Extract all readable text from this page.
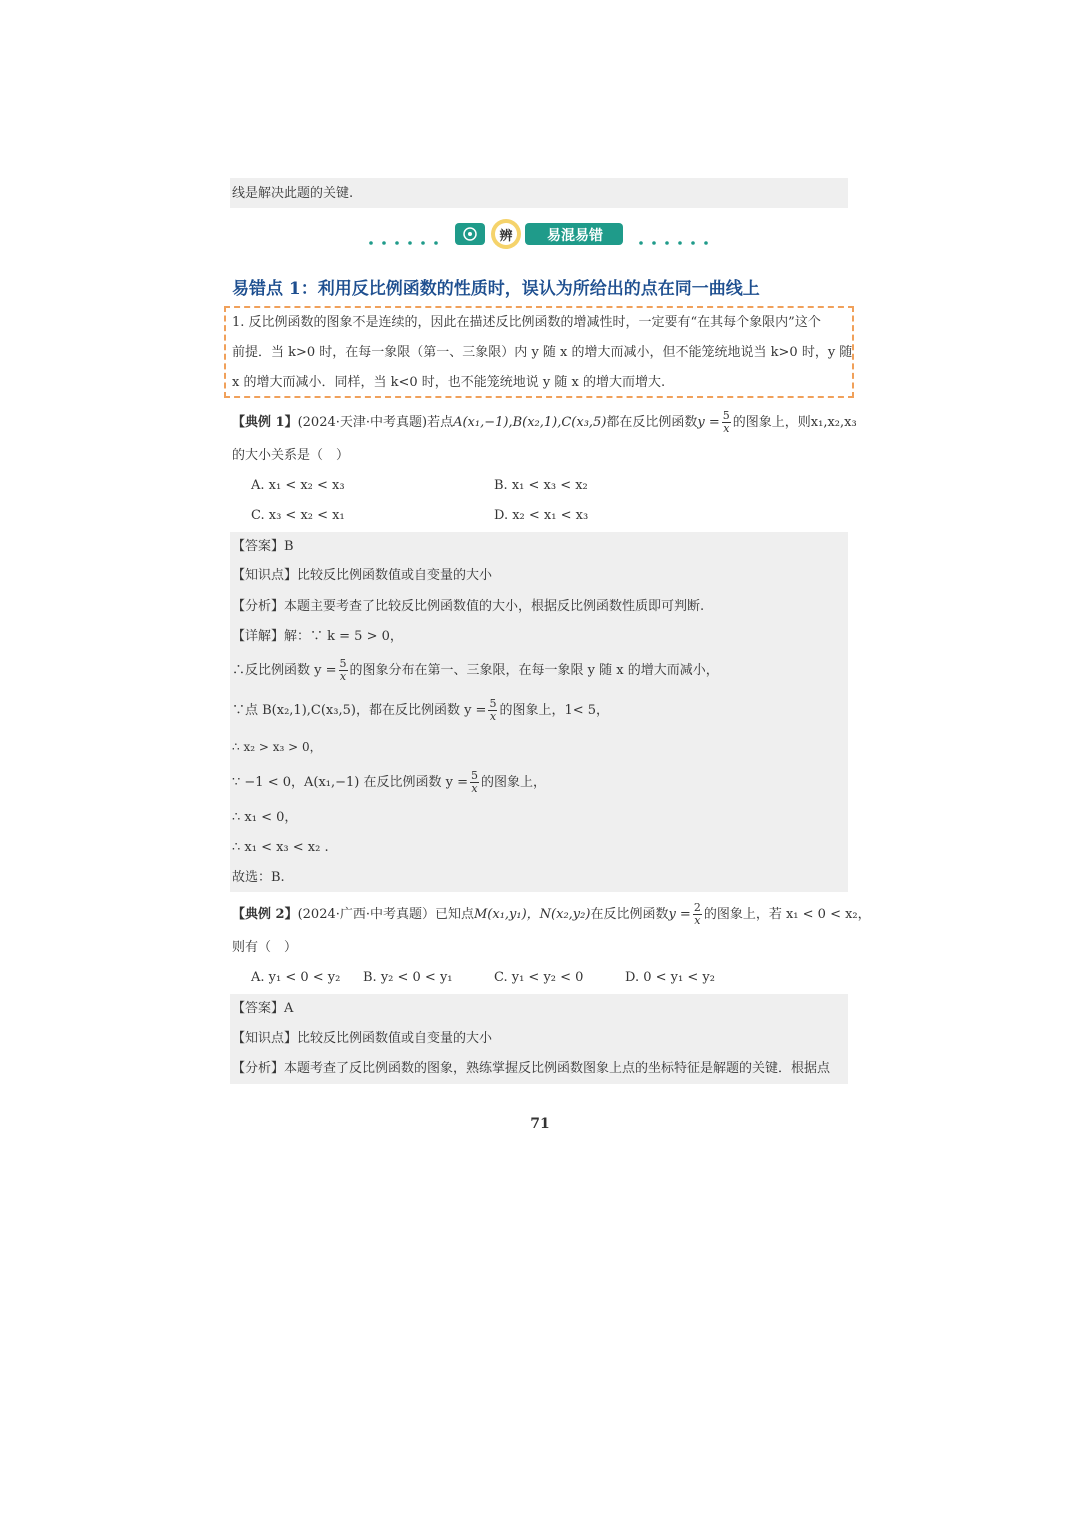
线是解决此题的关键.
辨	易混易错
易错点 1：利用反比例函数的性质时，误认为所给出的点在同一曲线上
1. 反比例函数的图象不是连续的，因此在描述反比例函数的增减性时，一定要有“在其每个象限内”这个
前提．当 k>0 时，在每一象限（第一、三象限）内 y 随 x 的增大而减小，但不能笼统地说当 k>0 时，y 随
x 的增大而减小．同样，当 k<0 时，也不能笼统地说 y 随 x 的增大而增大.
【典例 1】(2024·天津·中考真题)若点A(x₁,−1),B(x₂,1),C(x₃,5)都在反比例函数$y = \frac{5}{x}$ 的图象上，则x₁,x₂,x₃
的大小关系是（　）
A. x₁ < x₂ < x₃	B. x₁ < x₃ < x₂
C. x₃ < x₂ < x₁	D. x₂ < x₁ < x₃
【答案】B
【知识点】比较反比例函数值或自变量的大小
【分析】本题主要考查了比较反比例函数值的大小，根据反比例函数性质即可判断.
【详解】解：∵ k = 5 > 0，
∴反比例函数 $y = \frac{5}{x}$ 的图象分布在第一、三象限，在每一象限 y 随 x 的增大而减小，
∵点 B(x₂,1),C(x₃,5)，都在反比例函数 $y = \frac{5}{x}$ 的图象上，1< 5，
∴ x₂ > x₃ > 0，
∵ −1 < 0，A(x₁,−1) 在反比例函数 $y = \frac{5}{x}$ 的图象上，
∴ x₁ < 0，
∴ x₁ < x₃ < x₂ .
故选：B.
【典例 2】(2024·广西·中考真题）已知点M(x₁,y₁)，N(x₂,y₂)在反比例函数$y = \frac{2}{x}$ 的图象上，若 x₁ < 0 < x₂，
则有（　）
A. y₁ < 0 < y₂ B. y₂ < 0 < y₁	C. y₁ < y₂ < 0	D. 0 < y₁ < y₂
【答案】A
【知识点】比较反比例函数值或自变量的大小
【分析】本题考查了反比例函数的图象，熟练掌握反比例函数图象上点的坐标特征是解题的关键．根据点
71
